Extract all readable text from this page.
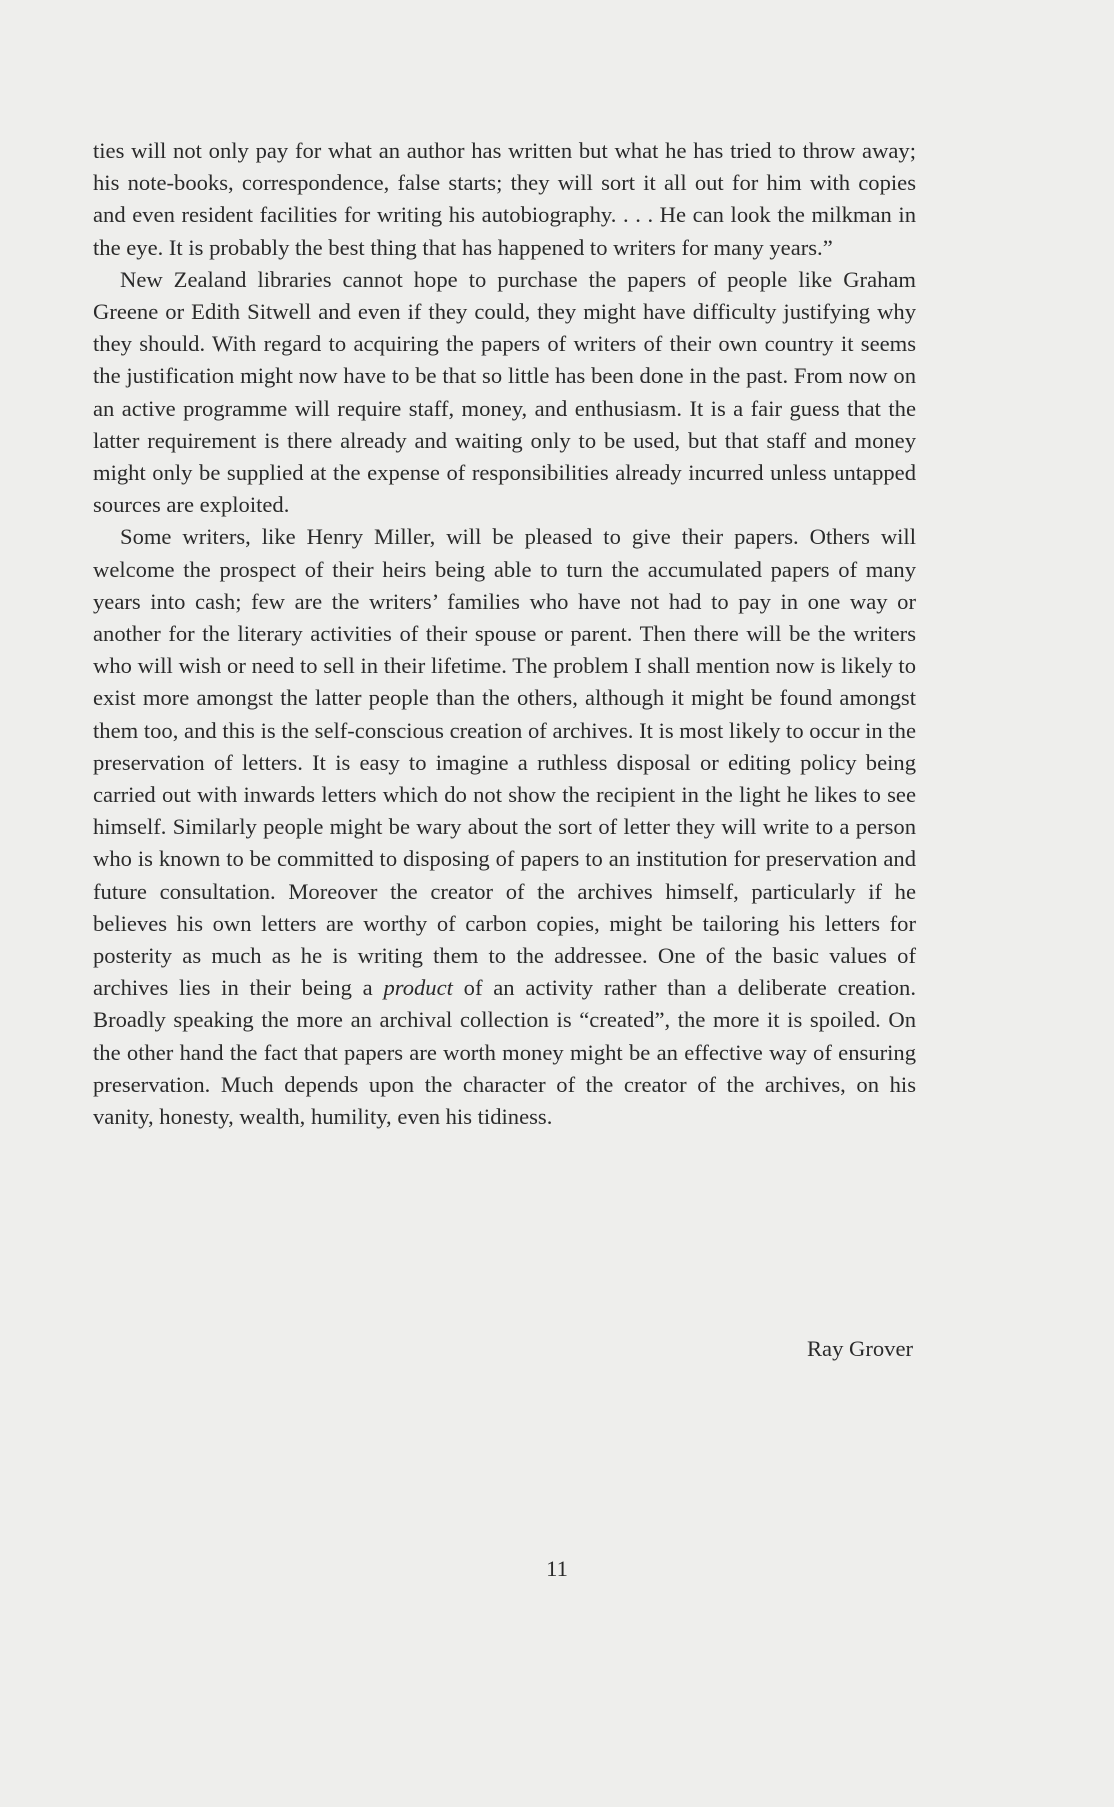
ties will not only pay for what an author has written but what he has tried to throw away; his note-books, correspondence, false starts; they will sort it all out for him with copies and even resident facilities for writing his autobiography. . . . He can look the milkman in the eye. It is probably the best thing that has happened to writers for many years.”

New Zealand libraries cannot hope to purchase the papers of people like Graham Greene or Edith Sitwell and even if they could, they might have difficulty justifying why they should. With regard to acquiring the papers of writers of their own country it seems the justification might now have to be that so little has been done in the past. From now on an active programme will require staff, money, and enthusiasm. It is a fair guess that the latter requirement is there already and waiting only to be used, but that staff and money might only be supplied at the expense of responsibilities already incurred unless untapped sources are exploited.

Some writers, like Henry Miller, will be pleased to give their papers. Others will welcome the prospect of their heirs being able to turn the accumulated papers of many years into cash; few are the writers’ families who have not had to pay in one way or another for the literary activities of their spouse or parent. Then there will be the writers who will wish or need to sell in their lifetime. The problem I shall mention now is likely to exist more amongst the latter people than the others, although it might be found amongst them too, and this is the self-conscious creation of archives. It is most likely to occur in the preservation of letters. It is easy to imagine a ruthless disposal or editing policy being carried out with inwards letters which do not show the recipient in the light he likes to see himself. Similarly people might be wary about the sort of letter they will write to a person who is known to be committed to disposing of papers to an institution for preservation and future consultation. Moreover the creator of the archives himself, particularly if he believes his own letters are worthy of carbon copies, might be tailoring his letters for posterity as much as he is writing them to the addressee. One of the basic values of archives lies in their being a product of an activity rather than a deliberate creation. Broadly speaking the more an archival collection is “created”, the more it is spoiled. On the other hand the fact that papers are worth money might be an effective way of ensuring preservation. Much depends upon the character of the creator of the archives, on his vanity, honesty, wealth, humility, even his tidiness.

Ray Grover
11
